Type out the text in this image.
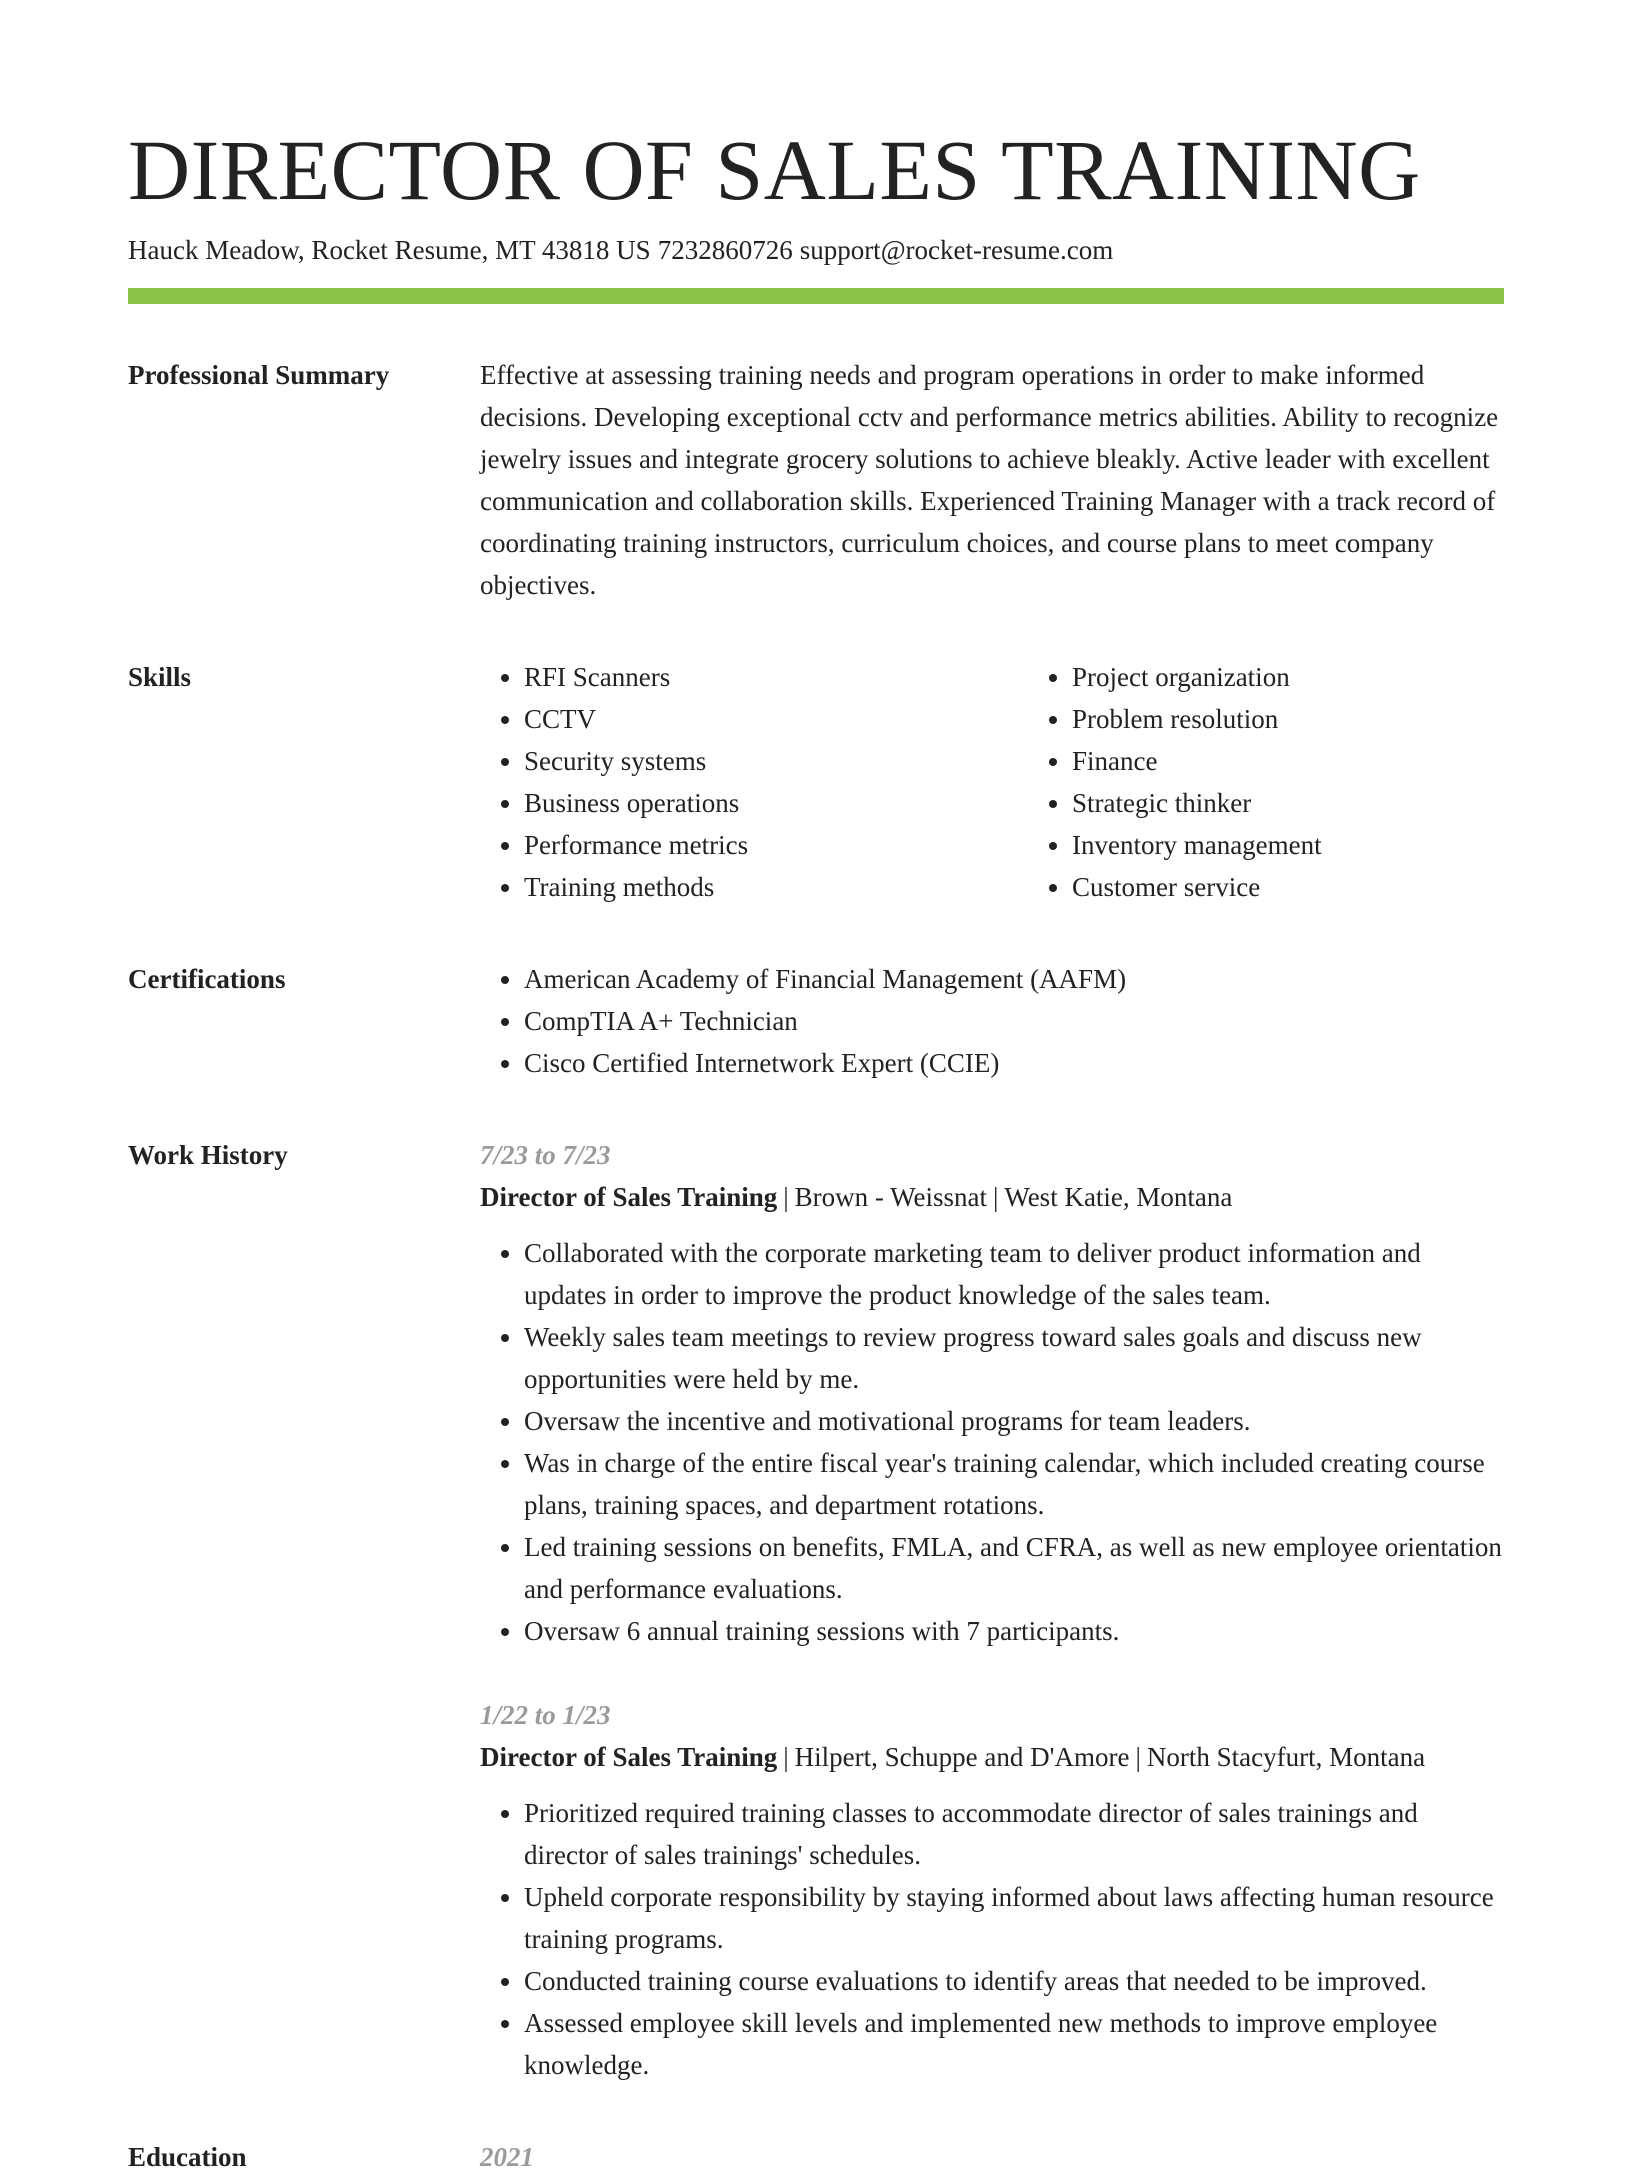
DIRECTOR OF SALES TRAINING
Hauck Meadow, Rocket Resume, MT 43818 US 7232860726 support@rocket-resume.com
Professional Summary	Effective at assessing training needs and program operations in order to make informed decisions. Developing exceptional cctv and performance metrics abilities. Ability to recognize jewelry issues and integrate grocery solutions to achieve bleakly. Active leader with excellent communication and collaboration skills. Experienced Training Manager with a track record of coordinating training instructors, curriculum choices, and course plans to meet company objectives.

Skills	• RFI Scanners
• CCTV
• Security systems
• Business operations
• Performance metrics
• Training methods
• Project organization
• Problem resolution
• Finance
• Strategic thinker
• Inventory management
• Customer service
Certifications	• American Academy of Financial Management (AAFM)
• CompTIA A+ Technician
• Cisco Certified Internetwork Expert (CCIE)
Work History	7/23 to 7/23
Director of Sales Training | Brown - Weissnat | West Katie, Montana
• Collaborated with the corporate marketing team to deliver product information and updates in order to improve the product knowledge of the sales team.
• Weekly sales team meetings to review progress toward sales goals and discuss new opportunities were held by me.
• Oversaw the incentive and motivational programs for team leaders.
• Was in charge of the entire fiscal year's training calendar, which included creating course plans, training spaces, and department rotations.
• Led training sessions on benefits, FMLA, and CFRA, as well as new employee orientation and performance evaluations.
• Oversaw 6 annual training sessions with 7 participants.
1/22 to 1/23
Director of Sales Training | Hilpert, Schuppe and D'Amore | North Stacyfurt, Montana
• Prioritized required training classes to accommodate director of sales trainings and director of sales trainings' schedules.
• Upheld corporate responsibility by staying informed about laws affecting human resource training programs.
• Conducted training course evaluations to identify areas that needed to be improved.
• Assessed employee skill levels and implemented new methods to improve employee knowledge.
Education	2021
